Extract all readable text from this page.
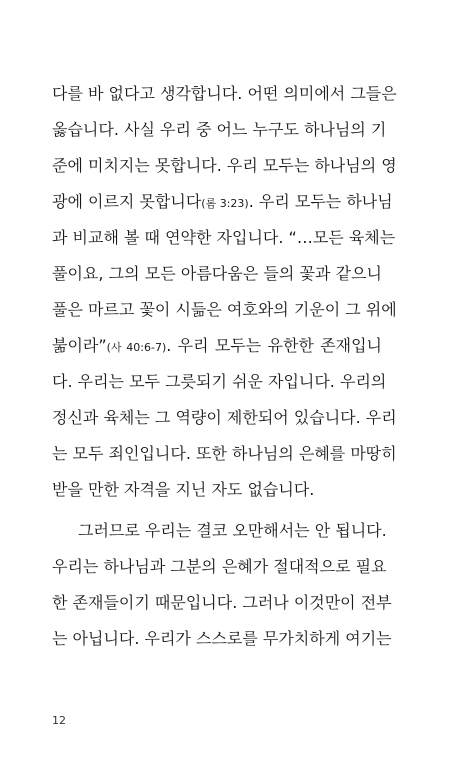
다를 바 없다고 생각합니다. 어떤 의미에서 그들은
옳습니다. 사실 우리 중 어느 누구도 하나님의 기
준에 미치지는 못합니다. 우리 모두는 하나님의 영
광에 이르지 못합니다(롬 3:23). 우리 모두는 하나님
과 비교해 볼 때 연약한 자입니다. “…모든 육체는
풀이요, 그의 모든 아름다움은 들의 꽃과 같으니
풀은 마르고 꽃이 시듦은 여호와의 기운이 그 위에
붊이라”(사 40:6-7). 우리 모두는 유한한 존재입니
다. 우리는 모두 그릇되기 쉬운 자입니다. 우리의
정신과 육체는 그 역량이 제한되어 있습니다. 우리
는 모두 죄인입니다. 또한 하나님의 은혜를 마땅히
받을 만한 자격을 지닌 자도 없습니다.
그러므로 우리는 결코 오만해서는 안 됩니다.
우리는 하나님과 그분의 은혜가 절대적으로 필요
한 존재들이기 때문입니다. 그러나 이것만이 전부
는 아닙니다. 우리가 스스로를 무가치하게 여기는
12
